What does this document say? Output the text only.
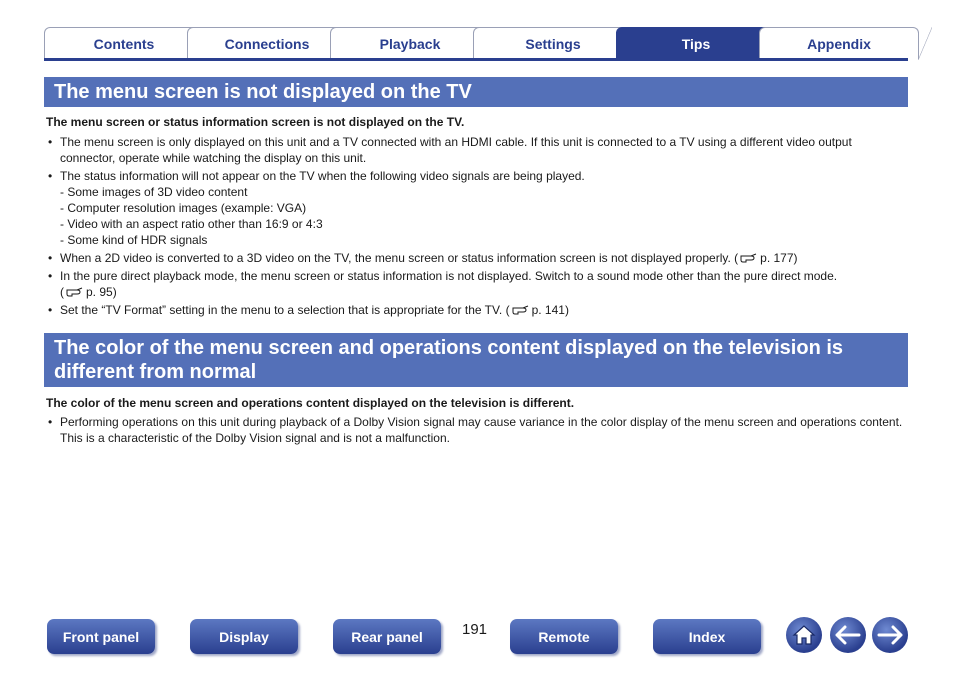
Contents	Connections	Playback	Settings	Tips	Appendix
The menu screen is not displayed on the TV
The menu screen or status information screen is not displayed on the TV.
• The menu screen is only displayed on this unit and a TV connected with an HDMI cable. If this unit is connected to a TV using a different video output connector, operate while watching the display on this unit.
• The status information will not appear on the TV when the following video signals are being played.
- Some images of 3D video content
- Computer resolution images (example: VGA)
- Video with an aspect ratio other than 16:9 or 4:3
- Some kind of HDR signals
• When a 2D video is converted to a 3D video on the TV, the menu screen or status information screen is not displayed properly. ( p. 177)
• In the pure direct playback mode, the menu screen or status information is not displayed. Switch to a sound mode other than the pure direct mode.
( p. 95)
• Set the “TV Format” setting in the menu to a selection that is appropriate for the TV. ( p. 141)
The color of the menu screen and operations content displayed on the television is different from normal
The color of the menu screen and operations content displayed on the television is different.
• Performing operations on this unit during playback of a Dolby Vision signal may cause variance in the color display of the menu screen and operations content. This is a characteristic of the Dolby Vision signal and is not a malfunction.
Front panel	Display	Rear panel	191	Remote	Index
